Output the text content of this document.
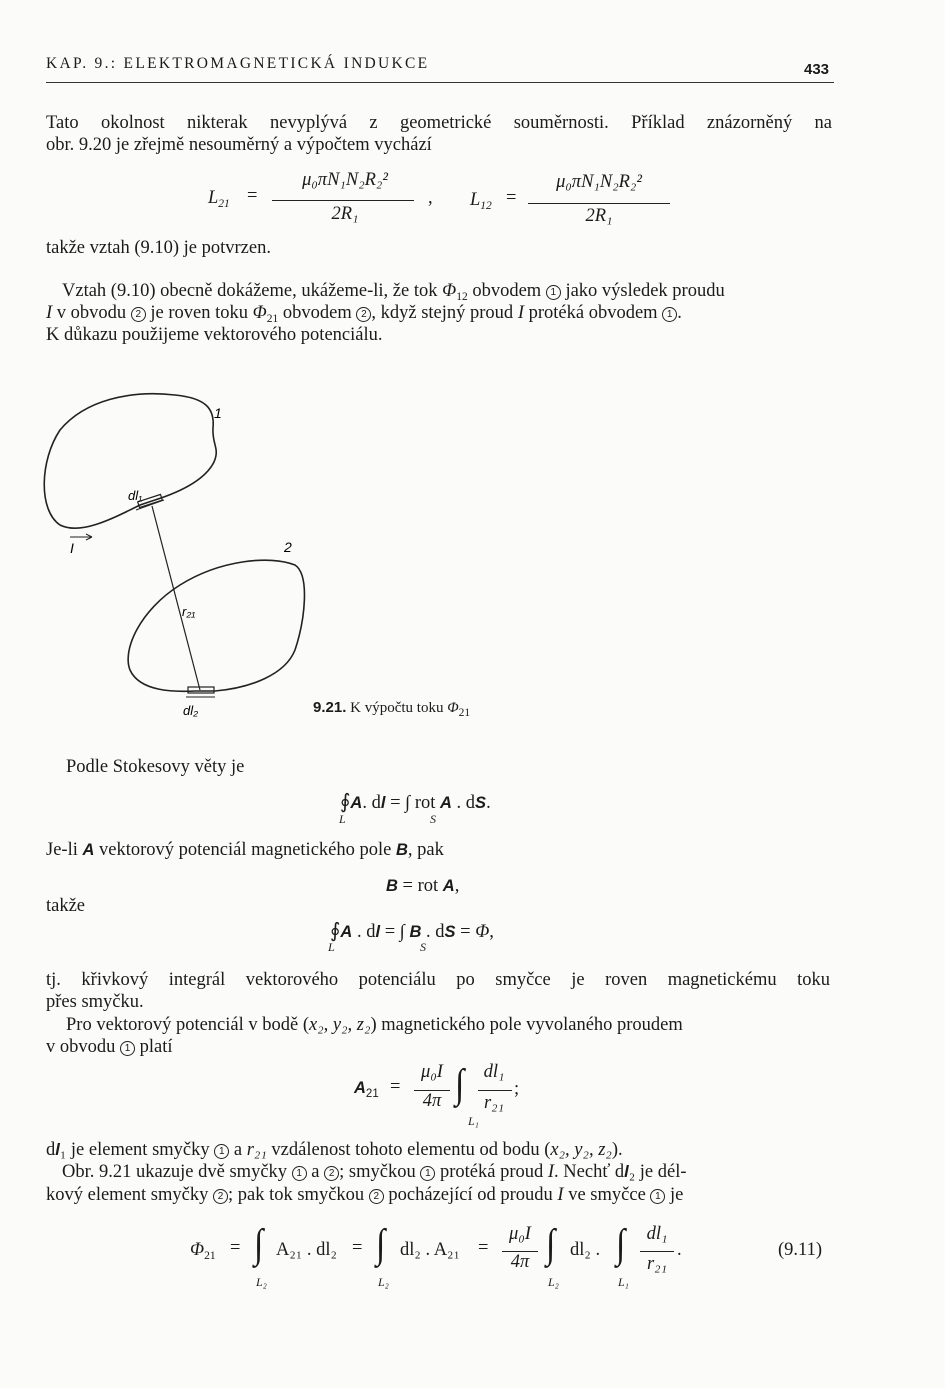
KAP. 9.: ELEKTROMAGNETICKÁ INDUKCE	433
Tato okolnost nikterak nevyplývá z geometrické souměrnosti. Příklad znázorněný na
obr. 9.20 je zřejmě nesouměrný a výpočtem vychází
$L_{21}$ =
μ₀πN₁N₂R₂²
2R₁
, $L_{12}$ =
μ₀πN₁N₂R₂²
2R₁
takže vztah (9.10) je potvrzen.
Vztah (9.10) obecně dokážeme, ukážeme-li, že tok $\Phi_{12}$ obvodem 1 jako výsledek proudu
I v obvodu 2 je roven toku $\Phi_{21}$ obvodem 2 , když stejný proud I protéká obvodem 1 .
K důkazu použijeme vektorového potenciálu.
1
2
dl₁
dl₂
r₂₁
I
9.21. K výpočtu toku $\Phi_{21}$
Podle Stokesovy věty je
∮A. dl = ∫ rot A . dS.
L	S
Je-li A vektorový potenciál magnetického pole B, pak
B = rot A,
takže
∮A . dl = ∫ B . dS = Φ,
L	S
tj. křivkový integrál vektorového potenciálu po smyčce je roven magnetickému toku
přes smyčku.
Pro vektorový potenciál v bodě (x₂, y₂, z₂) magnetického pole vyvolaného proudem
v obvodu 1 platí
$A_{21}$ =
μ₀I
4π ∫
L₁
dl₁
r₂₁
;
dl₁ je element smyčky 1 a r₂₁ vzdálenost tohoto elementu od bodu (x₂, y₂, z₂).
Obr. 9.21 ukazuje dvě smyčky 1 a 2 ; smyčkou 1 protéká proud I. Nechť dl₂ je dél-
kový element smyčky 2 ; pak tok smyčkou 2 pocházející od proudu I ve smyčce 1 je
$\Phi_{21}$ = ∫
L₂
A₂₁ . dl₂ = ∫
L₂
dl₂ . A₂₁ =
μ₀I
4π ∫
L₂
dl₂ . ∫
L₁
dl₁
r₂₁
.	(9.11)
